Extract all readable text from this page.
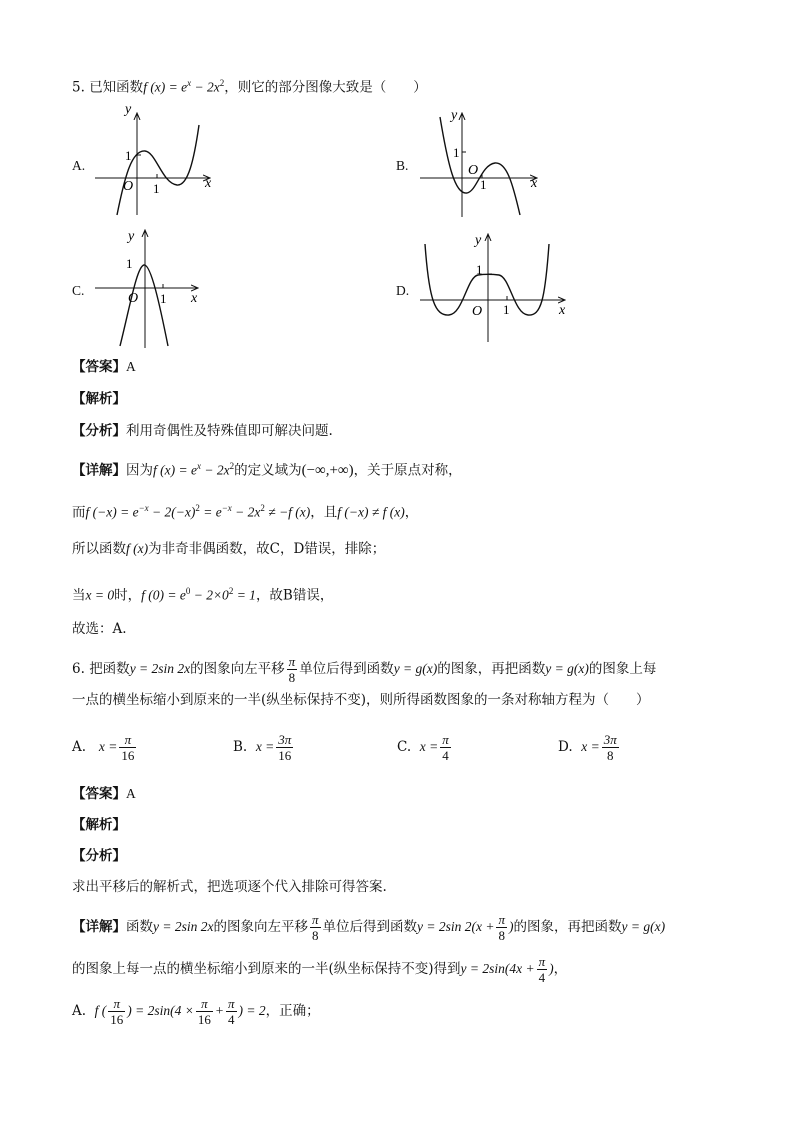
5. 已知函数f $(x) = e^x - 2x^2$，则它的部分图像大致是（　　）
A.	B.
C.	D.
y
x
O
1
1
y
x
O
1
1
y
x
O
1
1
y
x
O
1
1
【答案】A
【解析】
【分析】利用奇偶性及特殊值即可解决问题.
【详解】因为f $(x) = e^x - 2x^2$的定义域为(−∞,+∞)，关于原点对称，
而f $(-x) = e^{-x} - 2(-x)^2 = e^{-x} - 2x^2 \ne -f$ (x)，且f (−x) ≠ f (x)，
所以函数f (x)为非奇非偶函数，故C，D错误，排除；
当x = 0时，f $(0) = e^0 - 2\times 0^2 = 1$，故B错误，
故选：A.
6. 把函数y = 2sin 2x的图象向左平移 $\frac{\pi}{8}$ 单位后得到函数y = g(x)的图象，再把函数y = g(x)的图象上每
一点的横坐标缩小到原来的一半(纵坐标保持不变)，则所得函数图象的一条对称轴方程为（　　）
A. $x = \frac{\pi}{16}$	B. $x = \frac{3\pi}{16}$	C. $x = \frac{\pi}{4}$	D. $x = \frac{3\pi}{8}$
【答案】A
【解析】
【分析】
求出平移后的解析式，把选项逐个代入排除可得答案.
【详解】函数y = 2sin 2x的图象向左平移 $\frac{\pi}{8}$ 单位后得到函数y = 2sin $2(x + \frac{\pi}{8}$ )的图象，再把函数y = g(x)
的图象上每一点的横坐标缩小到原来的一半(纵坐标保持不变)得到$y = 2\sin(4x + \frac{\pi}{4}$ )，
A. f ( $\frac{\pi}{16}$ ) = $2\sin(4 \times \frac{\pi}{16} + \frac{\pi}{4}$ ) = 2，正确；
